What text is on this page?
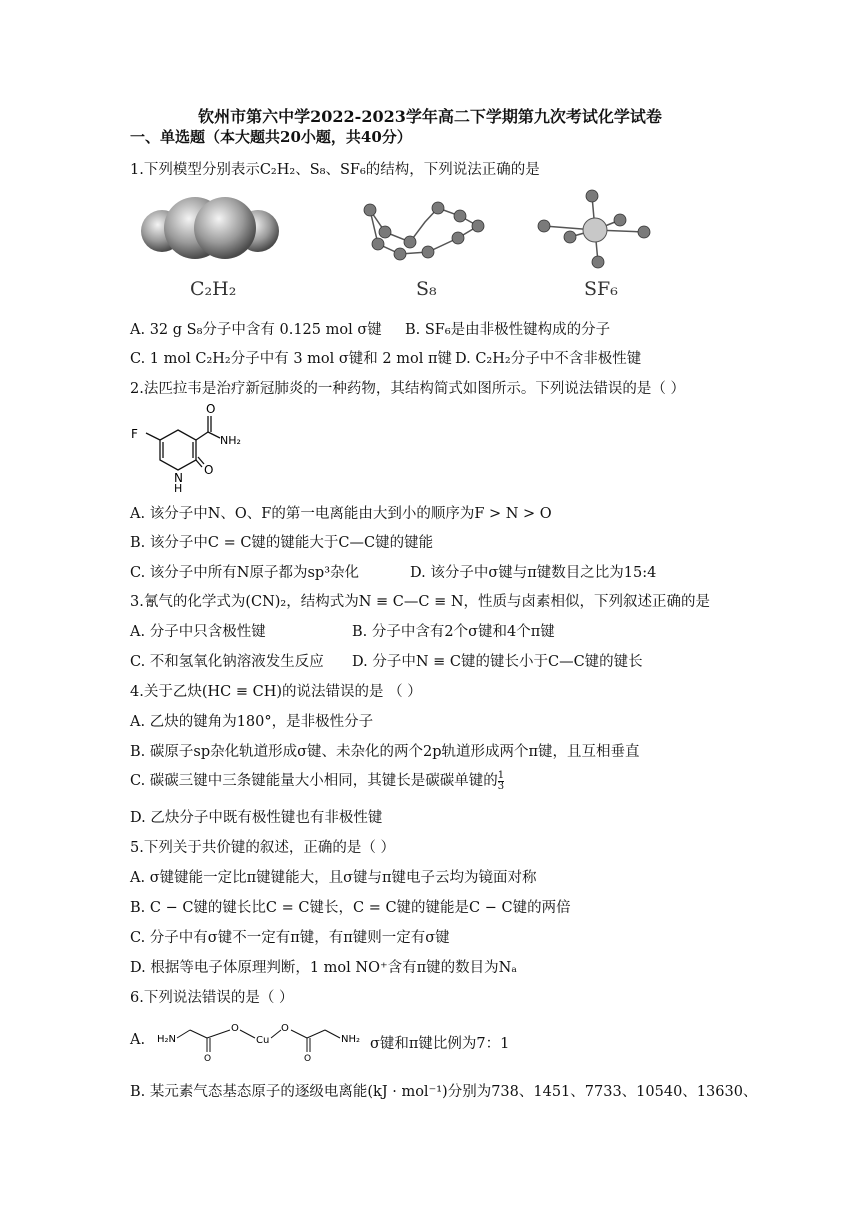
钦州市第六中学2022-2023学年高二下学期第九次考试化学试卷
一、单选题（本大题共20小题，共40分）
1.下列模型分别表示C₂H₂、S₈、SF₆的结构，下列说法正确的是
C₂H₂	S₈	SF₆
A. 32 g S₈分子中含有 0.125 mol σ键 B. SF₆是由非极性键构成的分子
C. 1 mol C₂H₂分子中有 3 mol σ键和 2 mol π键 D. C₂H₂分子中不含非极性键
2.法匹拉韦是治疗新冠肺炎的一种药物，其结构简式如图所示。下列说法错误的是（ ）
O
F	NH₂
N
O
H
A. 该分子中N、O、F的第一电离能由大到小的顺序为F > N > O
B. 该分子中C = C键的键能大于C—C键的键能
C. 该分子中所有N原子都为sp³杂化	D. 该分子中σ键与π键数目之比为15:4
3.氰气的化学式为(CN)₂，结构式为N ≡ C—C ≡ N，性质与卤素相似，下列叙述正确的是
A. 分子中只含极性键	B. 分子中含有2个σ键和4个π键
C. 不和氢氧化钠溶液发生反应 D. 分子中N ≡ C键的键长小于C—C键的键长
4.关于乙炔(HC ≡ CH)的说法错误的是 （ ）
A. 乙炔的键角为180°，是非极性分子
B. 碳原子sp杂化轨道形成σ键、未杂化的两个2p轨道形成两个π键，且互相垂直
C. 碳碳三键中三条键能量大小相同，其键长是碳碳单键的 $\frac{1}{3}$
D. 乙炔分子中既有极性键也有非极性键
5.下列关于共价键的叙述，正确的是（ ）
A. σ键键能一定比π键键能大，且σ键与π键电子云均为镜面对称
B. C − C键的键长比C = C键长，C = C键的键能是C − C键的两倍
C. 分子中有σ键不一定有π键，有π键则一定有σ键
D. 根据等电子体原理判断，1 mol NO⁺含有π键的数目为Nₐ
6.下列说法错误的是（ ）
A. H₂N
O
Cu
O
NH₂
O	O
σ键和π键比例为7：1
B. 某元素气态基态原子的逐级电离能(kJ · mol⁻¹)分别为738、1451、7733、10540、13630、
